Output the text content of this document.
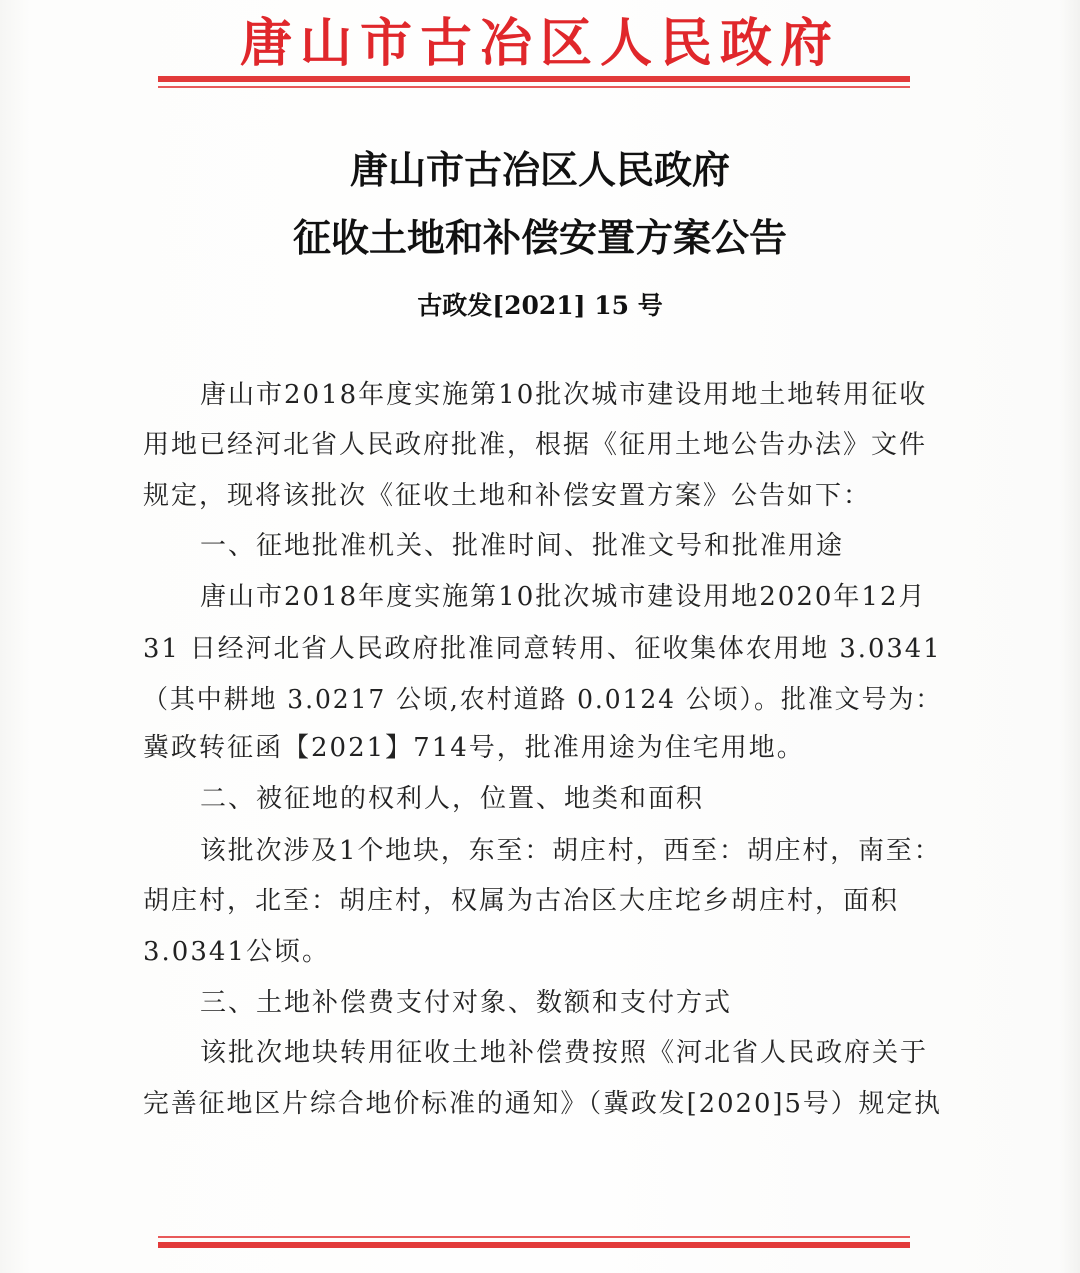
唐山市古冶区人民政府
唐山市古冶区人民政府
征收土地和补偿安置方案公告
古政发[2021] 15 号
唐山市2018年度实施第10批次城市建设用地土地转用征收
用地已经河北省人民政府批准，根据《征用土地公告办法》文件
规定，现将该批次《征收土地和补偿安置方案》公告如下：
一、征地批准机关、批准时间、批准文号和批准用途
唐山市2018年度实施第10批次城市建设用地2020年12月
31 日经河北省人民政府批准同意转用、征收集体农用地 3.0341
（其中耕地 3.0217 公顷,农村道路 0.0124 公顷）。批准文号为：
冀政转征函【2021】714号，批准用途为住宅用地。
二、被征地的权利人，位置、地类和面积
该批次涉及1个地块，东至：胡庄村，西至：胡庄村，南至：
胡庄村，北至：胡庄村，权属为古冶区大庄坨乡胡庄村，面积
3.0341公顷。
三、土地补偿费支付对象、数额和支付方式
该批次地块转用征收土地补偿费按照《河北省人民政府关于
完善征地区片综合地价标准的通知》（冀政发[2020]5号）规定执
